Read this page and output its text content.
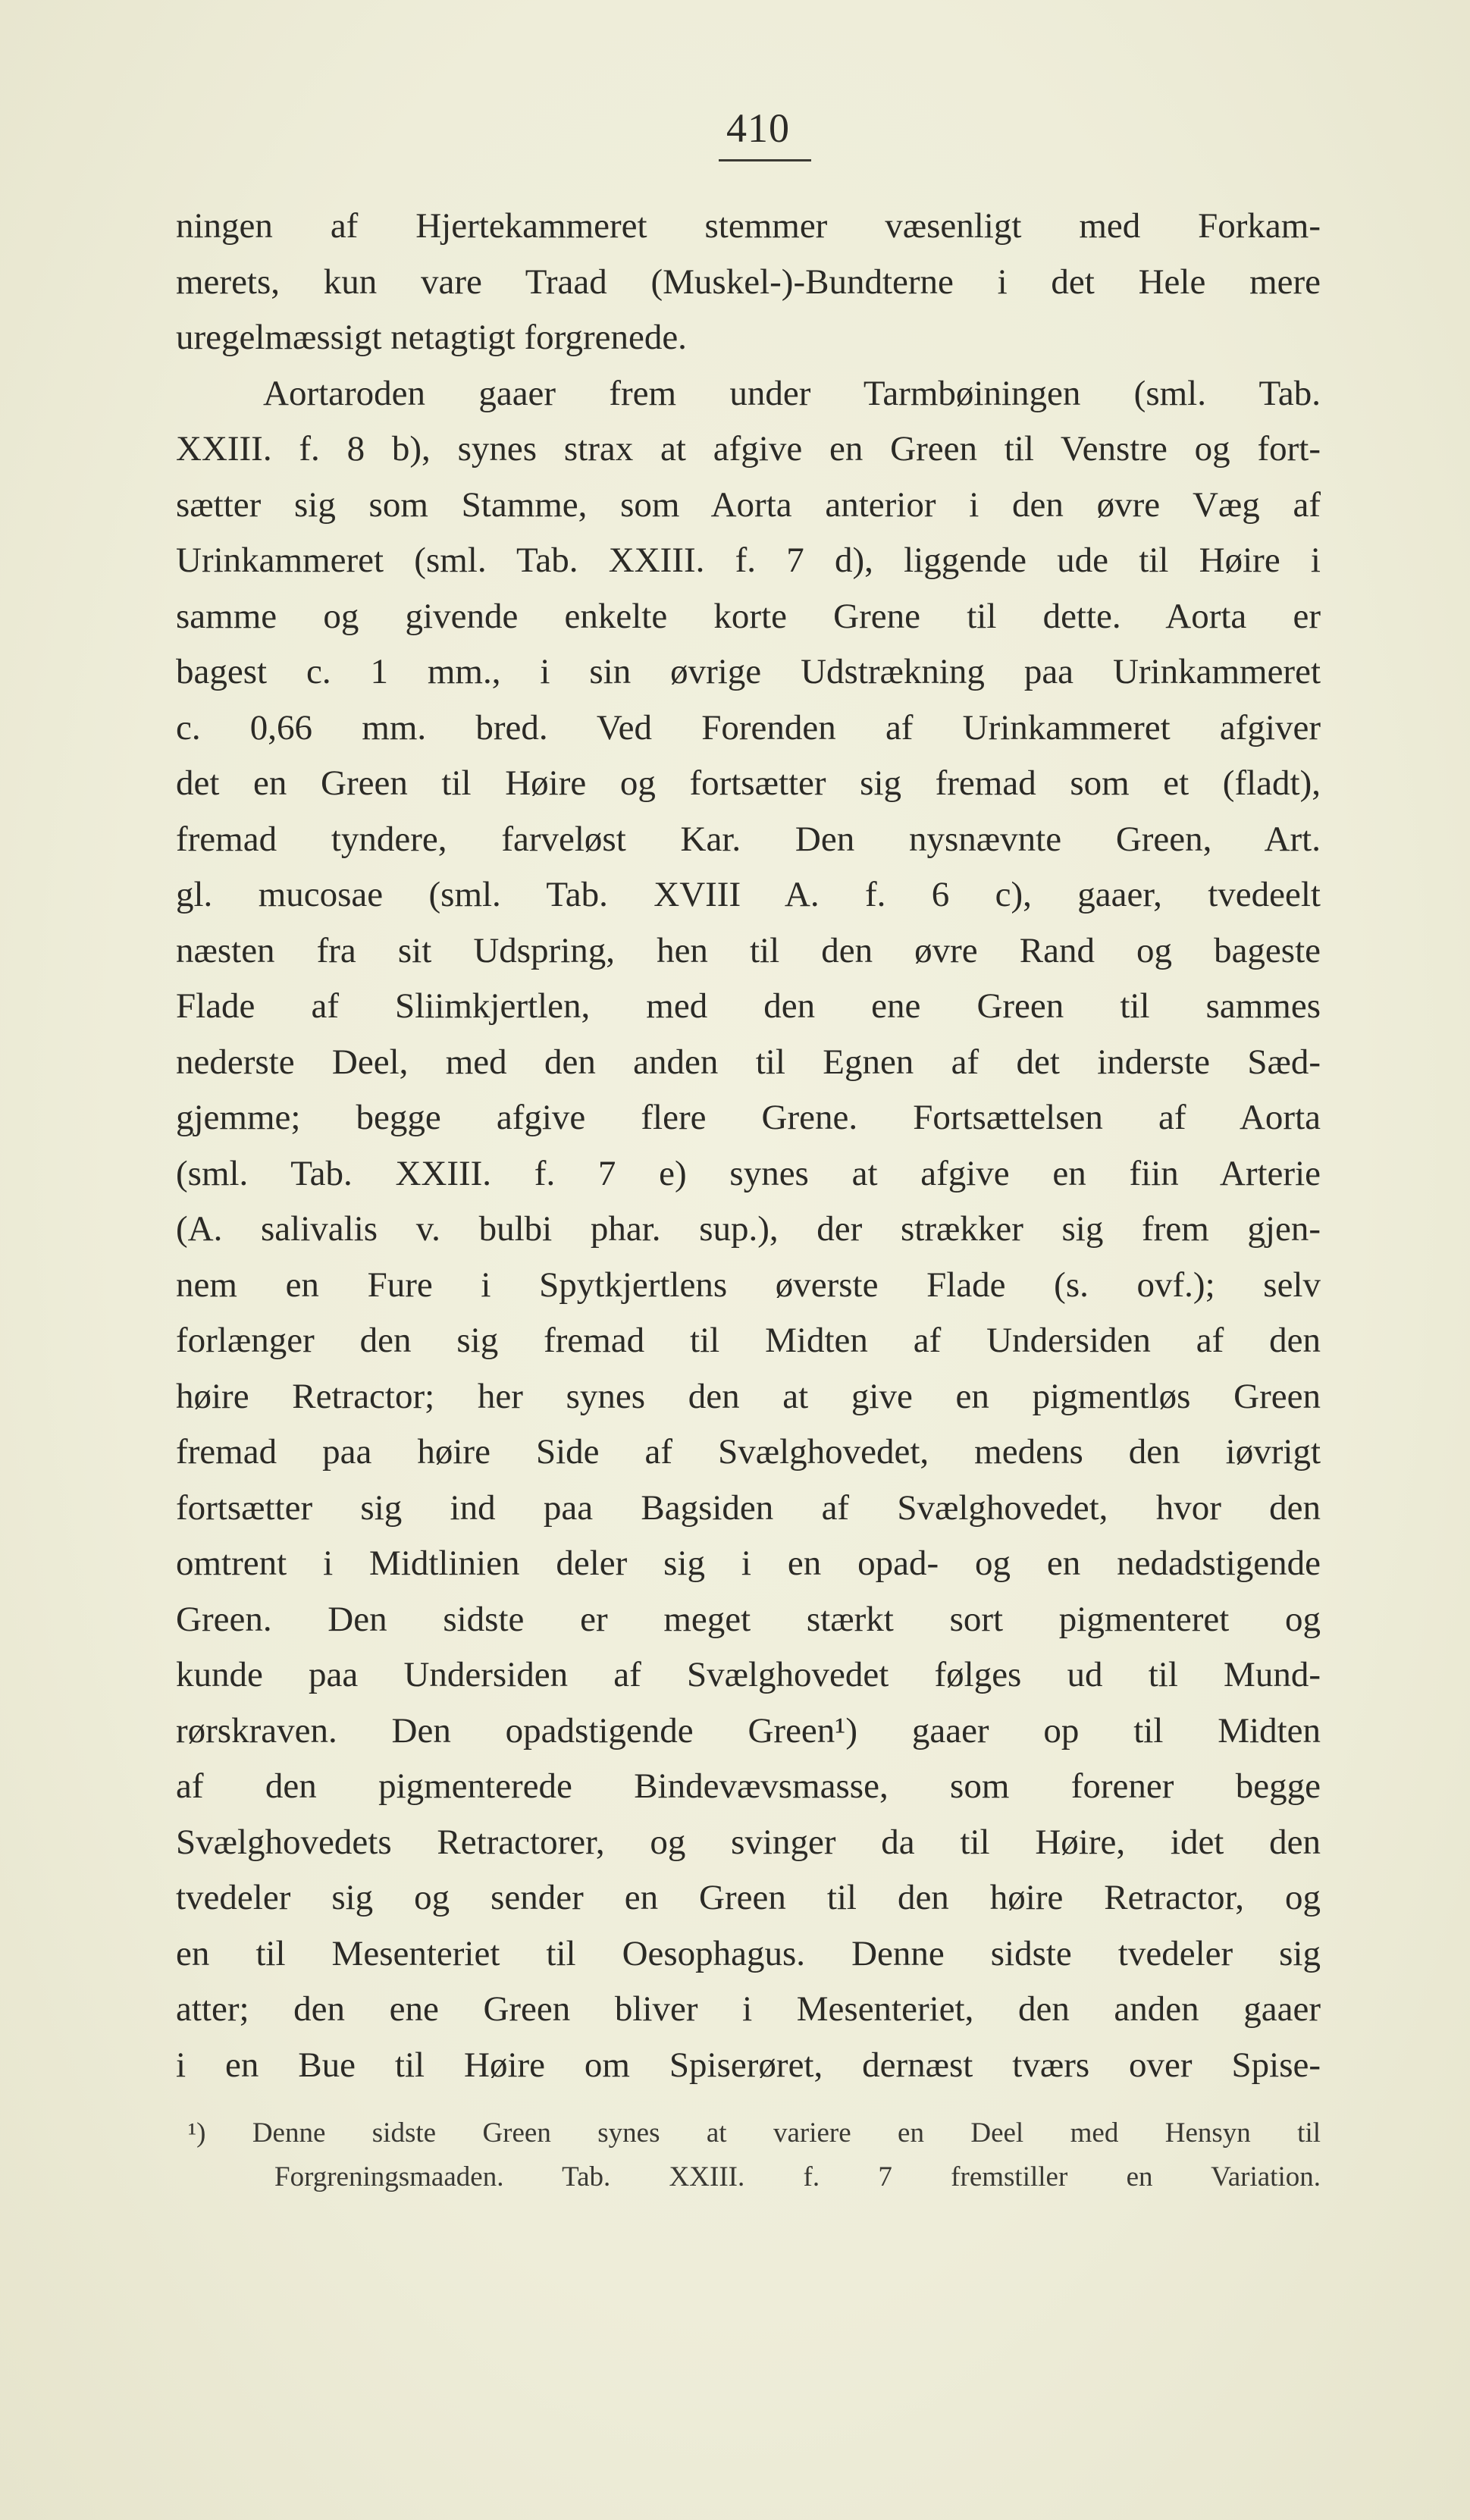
410
ningen af Hjertekammeret stemmer væsenligt med Forkam-
merets, kun vare Traad (Muskel-)-Bundterne i det Hele mere
uregelmæssigt netagtigt forgrenede.
Aortaroden gaaer frem under Tarmbøiningen (sml. Tab.
XXIII. f. 8 b), synes strax at afgive en Green til Venstre og fort-
sætter sig som Stamme, som Aorta anterior i den øvre Væg af
Urinkammeret (sml. Tab. XXIII. f. 7 d), liggende ude til Høire i
samme og givende enkelte korte Grene til dette. Aorta er
bagest c. 1 mm., i sin øvrige Udstrækning paa Urinkammeret
c. 0,66 mm. bred. Ved Forenden af Urinkammeret afgiver
det en Green til Høire og fortsætter sig fremad som et (fladt),
fremad tyndere, farveløst Kar. Den nysnævnte Green, Art.
gl. mucosae (sml. Tab. XVIII A. f. 6 c), gaaer, tvedeelt
næsten fra sit Udspring, hen til den øvre Rand og bageste
Flade af Sliimkjertlen, med den ene Green til sammes
nederste Deel, med den anden til Egnen af det inderste Sæd-
gjemme; begge afgive flere Grene. Fortsættelsen af Aorta
(sml. Tab. XXIII. f. 7 e) synes at afgive en fiin Arterie
(A. salivalis v. bulbi phar. sup.), der strækker sig frem gjen-
nem en Fure i Spytkjertlens øverste Flade (s. ovf.); selv
forlænger den sig fremad til Midten af Undersiden af den
høire Retractor; her synes den at give en pigmentløs Green
fremad paa høire Side af Svælghovedet, medens den iøvrigt
fortsætter sig ind paa Bagsiden af Svælghovedet, hvor den
omtrent i Midtlinien deler sig i en opad- og en nedadstigende
Green. Den sidste er meget stærkt sort pigmenteret og
kunde paa Undersiden af Svælghovedet følges ud til Mund-
rørskraven. Den opadstigende Green¹) gaaer op til Midten
af den pigmenterede Bindevævsmasse, som forener begge
Svælghovedets Retractorer, og svinger da til Høire, idet den
tvedeler sig og sender en Green til den høire Retractor, og
en til Mesenteriet til Oesophagus. Denne sidste tvedeler sig
atter; den ene Green bliver i Mesenteriet, den anden gaaer
i en Bue til Høire om Spiserøret, dernæst tværs over Spise-
¹) Denne sidste Green synes at variere en Deel med Hensyn til
Forgreningsmaaden. Tab. XXIII. f. 7 fremstiller en Variation.
